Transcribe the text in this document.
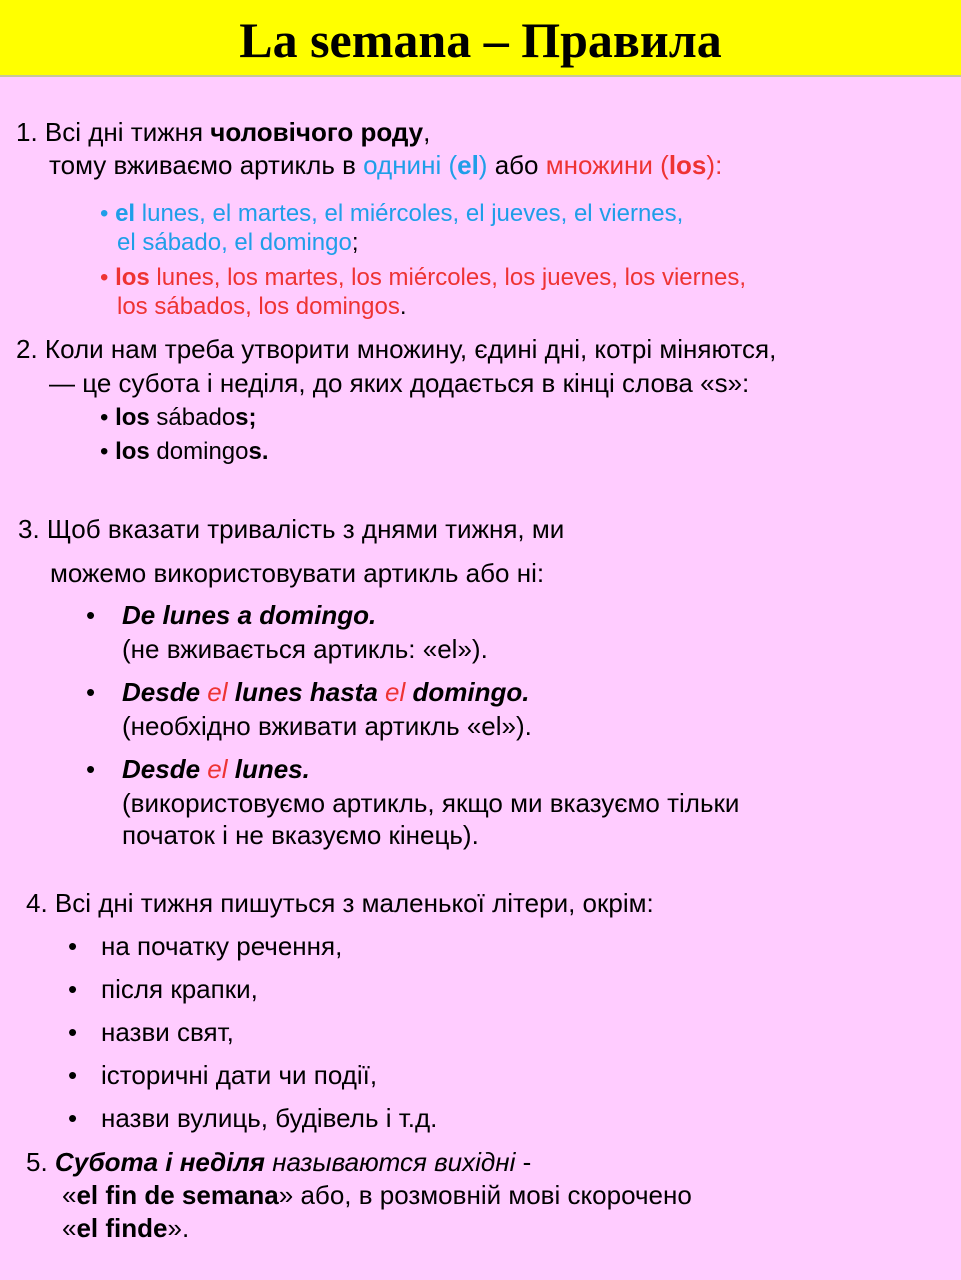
La semana – Правила
1. Всі дні тижня чоловічого роду,
тому вживаємо артикль в однині (el) або множини (los):
• el lunes, el martes, el miércoles, el jueves, el viernes,
el sábado, el domingo;
• los lunes, los martes, los miércoles, los jueves, los viernes,
los sábados, los domingos.
2. Коли нам треба утворити множину, єдині дні, котрі міняются,
— це субота і неділя, до яких додається в кінці слова «s»:
• los sábados;
• los domingos.
3. Щоб вказати тривалість з днями тижня, ми
можемо використовувати артикль або ні:
• De lunes a domingo.
(не вживається артикль: «el»).
• Desde el lunes hasta el domingo.
(необхідно вживати артикль «el»).
• Desde el lunes.
(використовуємо артикль, якщо ми вказуємо тільки
початок і не вказуємо кінець).
4. Всі дні тижня пишуться з маленької літери, окрім:
• на початку речення,
• після крапки,
• назви свят,
• історичні дати чи події,
• назви вулиць, будівель і т.д.
5. Субота і неділя называются вихідні -
«el fin de semana» або, в розмовній мові скорочено
«el finde».
